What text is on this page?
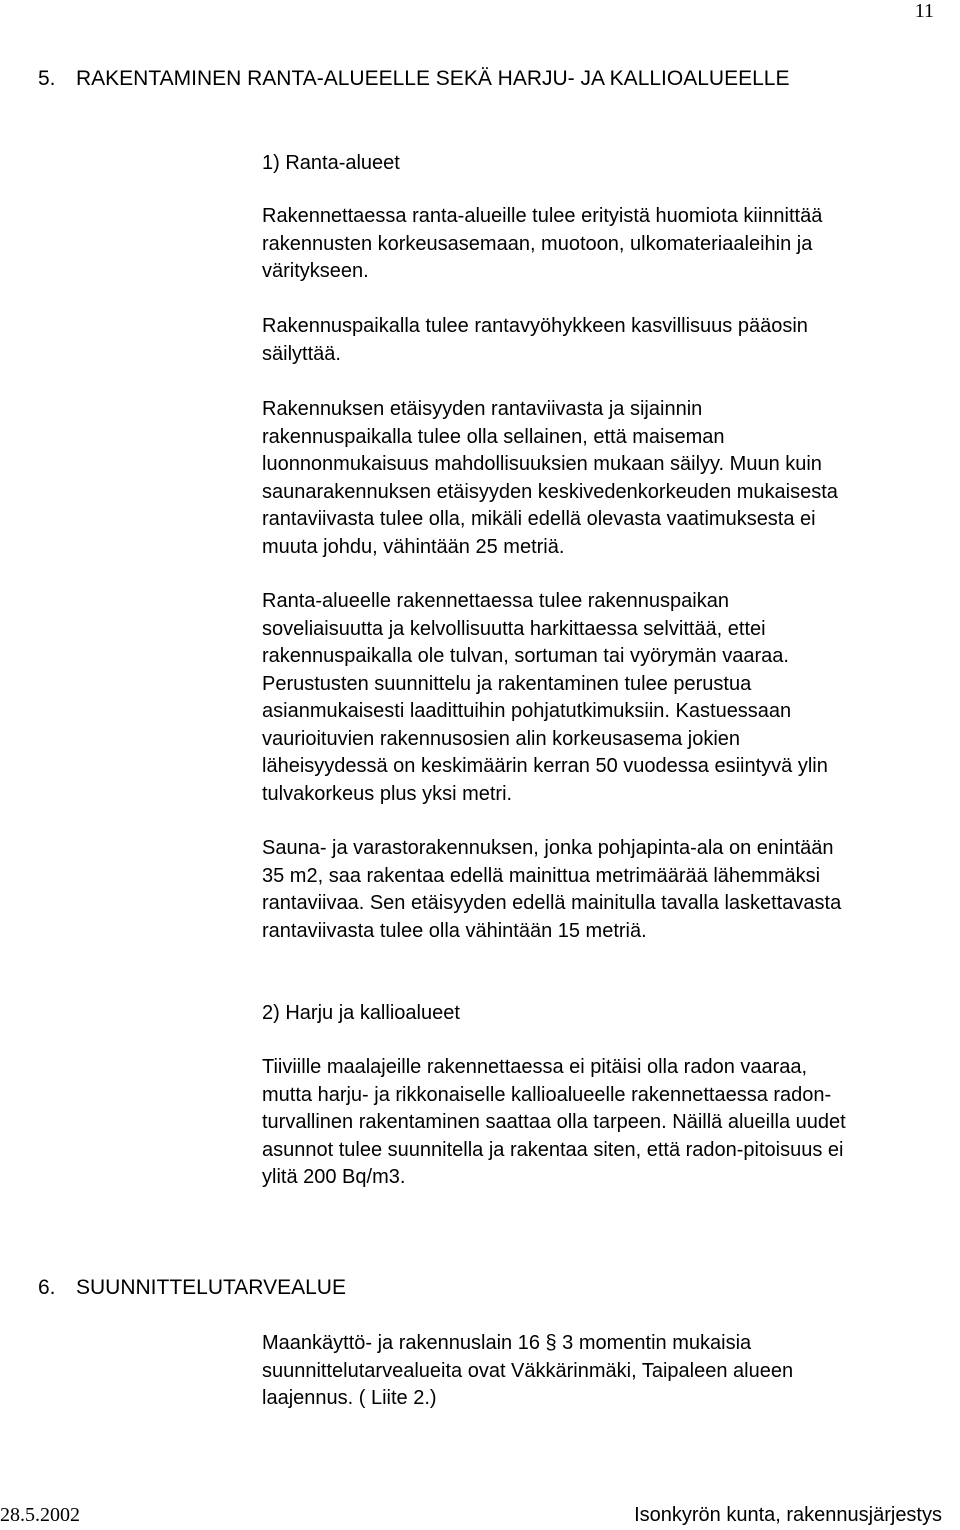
11
5. RAKENTAMINEN RANTA-ALUEELLE SEKÄ HARJU- JA KALLIOALUEELLE
1) Ranta-alueet

Rakennettaessa ranta-alueille tulee erityistä huomiota kiinnittää
rakennusten korkeusasemaan, muotoon, ulkomateriaaleihin ja
väritykseen.

Rakennuspaikalla tulee rantavyöhykkeen kasvillisuus pääosin
säilyttää.

Rakennuksen etäisyyden rantaviivasta ja sijainnin
rakennuspaikalla tulee olla sellainen, että maiseman
luonnonmukaisuus mahdollisuuksien mukaan säilyy. Muun kuin
saunarakennuksen etäisyyden keskivedenkorkeuden mukaisesta
rantaviivasta tulee olla, mikäli edellä olevasta vaatimuksesta ei
muuta johdu, vähintään 25 metriä.

Ranta-alueelle rakennettaessa tulee rakennuspaikan
soveliaisuutta ja kelvollisuutta harkittaessa selvittää, ettei
rakennuspaikalla ole tulvan, sortuman tai vyörymän vaaraa.
Perustusten suunnittelu ja rakentaminen tulee perustua
asianmukaisesti laadittuihin pohjatutkimuksiin. Kastuessaan
vaurioituvien rakennusosien alin korkeusasema jokien
läheisyydessä on keskimäärin kerran 50 vuodessa esiintyvä ylin
tulvakorkeus plus yksi metri.

Sauna- ja varastorakennuksen, jonka pohjapinta-ala on enintään
35 m2, saa rakentaa edellä mainittua metrimäärää lähemmäksi
rantaviivaa. Sen etäisyyden edellä mainitulla tavalla laskettavasta
rantaviivasta tulee olla vähintään 15 metriä.

2) Harju ja kallioalueet

Tiiviille maalajeille rakennettaessa ei pitäisi olla radon vaaraa,
mutta harju- ja rikkonaiselle kallioalueelle rakennettaessa radon-
turvallinen rakentaminen saattaa olla tarpeen. Näillä alueilla uudet
asunnot tulee suunnitella ja rakentaa siten, että radon-pitoisuus ei
ylitä 200 Bq/m3.

6. SUUNNITTELUTARVEALUE

Maankäyttö- ja rakennuslain 16 § 3 momentin mukaisia
suunnittelutarvealueita ovat Väkkärinmäki, Taipaleen alueen
laajennus. ( Liite 2.)

28.5.2002	Isonkyrön kunta, rakennusjärjestys
